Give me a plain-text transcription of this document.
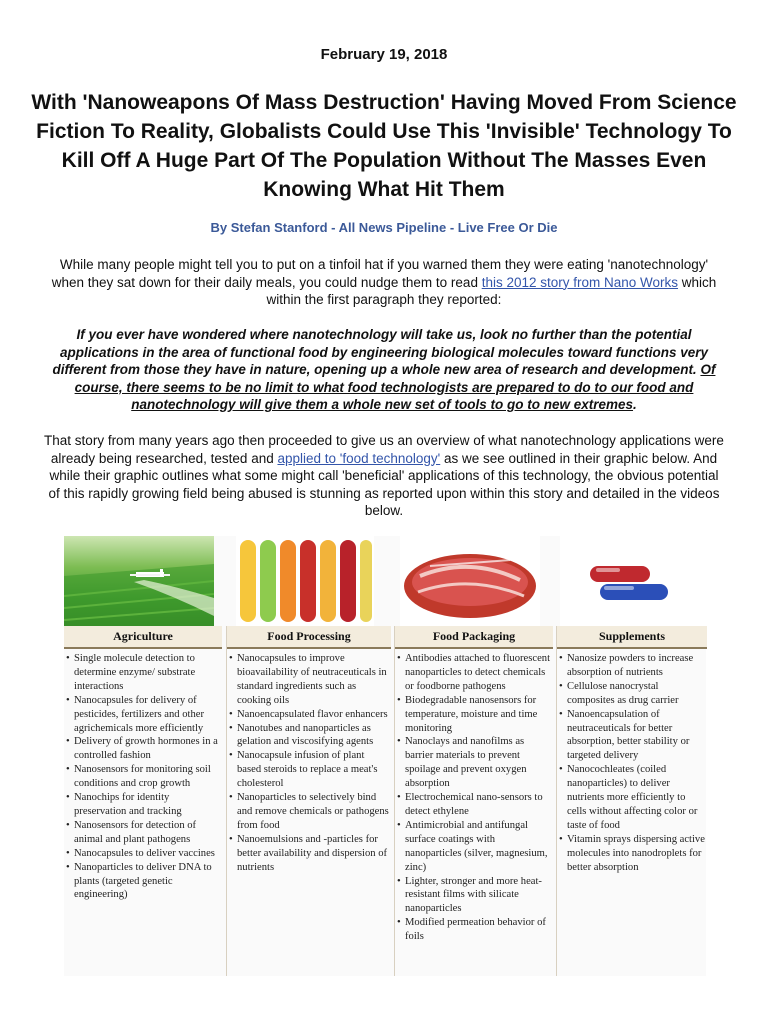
February 19, 2018
With 'Nanoweapons Of Mass Destruction' Having Moved From Science Fiction To Reality, Globalists Could Use This 'Invisible' Technology To Kill Off A Huge Part Of The Population Without The Masses Even Knowing What Hit Them
By Stefan Stanford - All News Pipeline - Live Free Or Die
While many people might tell you to put on a tinfoil hat if you warned them they were eating 'nanotechnology' when they sat down for their daily meals, you could nudge them to read this 2012 story from Nano Works which within the first paragraph they reported:
If you ever have wondered where nanotechnology will take us, look no further than the potential applications in the area of functional food by engineering biological molecules toward functions very different from those they have in nature, opening up a whole new area of research and development. Of course, there seems to be no limit to what food technologists are prepared to do to our food and nanotechnology will give them a whole new set of tools to go to new extremes.
That story from many years ago then proceeded to give us an overview of what nanotechnology applications were already being researched, tested and applied to 'food technology' as we see outlined in their graphic below. And while their graphic outlines what some might call 'beneficial' applications of this technology, the obvious potential of this rapidly growing field being abused is stunning as reported upon within this story and detailed in the videos below.
Agriculture
• Single molecule detection to determine enzyme/ substrate interactions
• Nanocapsules for delivery of pesticides, fertilizers and other agrichemicals more efficiently
• Delivery of growth hormones in a controlled fashion
• Nanosensors for monitoring soil conditions and crop growth
• Nanochips for identity preservation and tracking
• Nanosensors for detection of animal and plant pathogens
• Nanocapsules to deliver vaccines
• Nanoparticles to deliver DNA to plants (targeted genetic engineering)
Food Processing
• Nanocapsules to improve bioavailability of neutraceuticals in standard ingredients such as cooking oils
• Nanoencapsulated flavor enhancers
• Nanotubes and nanoparticles as gelation and viscosifying agents
• Nanocapsule infusion of plant based steroids to replace a meat's cholesterol
• Nanoparticles to selectively bind and remove chemicals or pathogens from food
• Nanoemulsions and -particles for better availability and dispersion of nutrients
Food Packaging
• Antibodies attached to fluorescent nanoparticles to detect chemicals or foodborne pathogens
• Biodegradable nanosensors for temperature, moisture and time monitoring
• Nanoclays and nanofilms as barrier materials to prevent spoilage and prevent oxygen absorption
• Electrochemical nano-sensors to detect ethylene
• Antimicrobial and antifungal surface coatings with nanoparticles (silver, magnesium, zinc)
• Lighter, stronger and more heat-resistant films with silicate nanoparticles
• Modified permeation behavior of foils
Supplements
• Nanosize powders to increase absorption of nutrients
• Cellulose nanocrystal composites as drug carrier
• Nanoencapsulation of neutraceuticals for better absorption, better stability or targeted delivery
• Nanocochleates (coiled nanoparticles) to deliver nutrients more efficiently to cells without affecting color or taste of food
• Vitamin sprays dispersing active molecules into nanodroplets for better absorption
